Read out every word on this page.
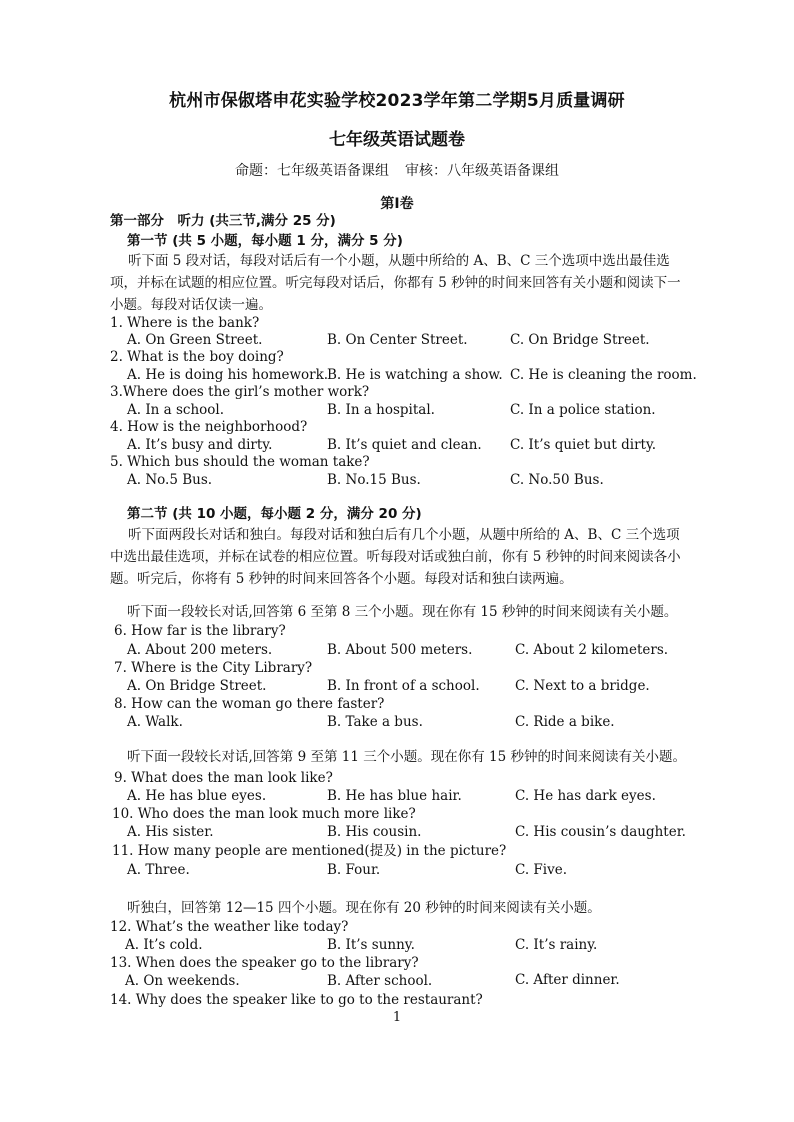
杭州市保俶塔申花实验学校2023学年第二学期5月质量调研
七年级英语试题卷
命题：七年级英语备课组 审核：八年级英语备课组
第I卷
第一部分　听力 (共三节,满分 25 分)
第一节 (共 5 小题，每小题 1 分，满分 5 分)
听下面 5 段对话，每段对话后有一个小题，从题中所给的 A、B、C 三个选项中选出最佳选项，并标在试题的相应位置。听完每段对话后，你都有 5 秒钟的时间来回答有关小题和阅读下一小题。每段对话仅读一遍。
1. Where is the bank?
A. On Green Street.	B. On Center Street.	C. On Bridge Street.
2. What is the boy doing?
A. He is doing his homework.
B. He is watching a show. C. He is cleaning the room.
3.Where does the girl’s mother work?
A. In a school.	B. In a hospital.	C. In a police station.
4. How is the neighborhood?
A. It’s busy and dirty.	B. It’s quiet and clean. C. It’s quiet but dirty.
5. Which bus should the woman take?
A. No.5 Bus.	B. No.15 Bus.	C. No.50 Bus.
第二节 (共 10 小题，每小题 2 分，满分 20 分)
听下面两段长对话和独白。每段对话和独白后有几个小题，从题中所给的 A、B、C 三个选项中选出最佳选项，并标在试卷的相应位置。听每段对话或独白前，你有 5 秒钟的时间来阅读各小题。听完后，你将有 5 秒钟的时间来回答各个小题。每段对话和独白读两遍。
听下面一段较长对话,回答第 6 至第 8 三个小题。现在你有 15 秒钟的时间来阅读有关小题。
6. How far is the library?
A. About 200 meters.	B. About 500 meters.	C. About 2 kilometers.
7. Where is the City Library?
A. On Bridge Street.	B. In front of a school.	C. Next to a bridge.
8. How can the woman go there faster?
A. Walk.	B. Take a bus.	C. Ride a bike.
听下面一段较长对话,回答第 9 至第 11 三个小题。现在你有 15 秒钟的时间来阅读有关小题。
9. What does the man look like?
A. He has blue eyes.	B. He has blue hair.	C. He has dark eyes.
10. Who does the man look much more like?
A. His sister.	B. His cousin.	C. His cousin’s daughter.
11. How many people are mentioned(提及) in the picture?
A. Three.	B. Four.	C. Five.
听独白，回答第 12—15 四个小题。现在你有 20 秒钟的时间来阅读有关小题。
12. What’s the weather like today?
A. It’s cold.	B. It’s sunny.	C. It’s rainy.
13. When does the speaker go to the library?
A. On weekends.	B. After school.	C. After dinner.
14. Why does the speaker like to go to the restaurant?
1
